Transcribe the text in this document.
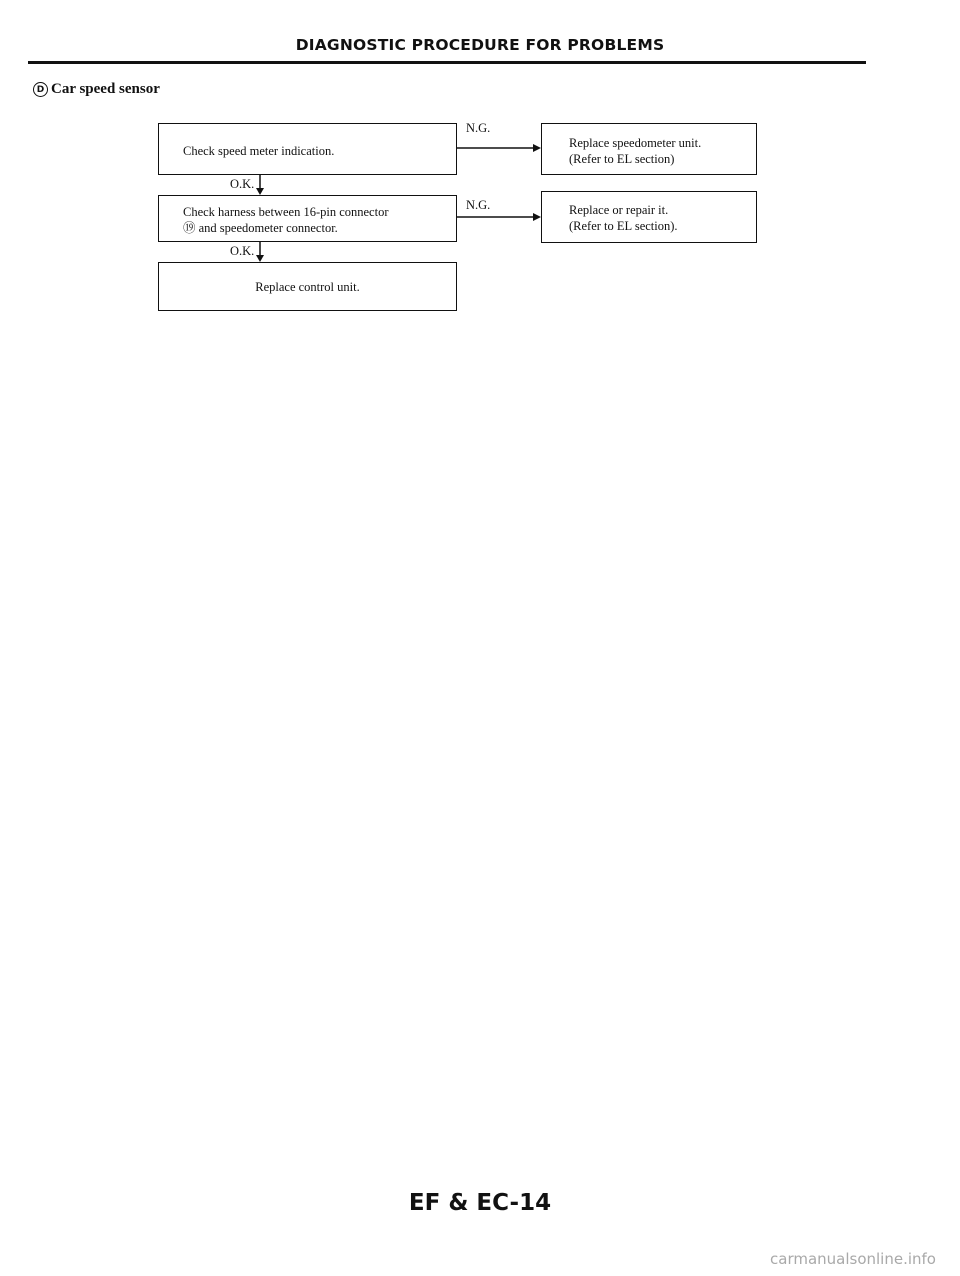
DIAGNOSTIC PROCEDURE FOR PROBLEMS
D Car speed sensor
Check speed meter indication.
O.K.
Check harness between 16-pin connector
⑲ and speedometer connector.
O.K.
Replace control unit.
N.G.
N.G.
Replace speedometer unit.
(Refer to EL section)
Replace or repair it.
(Refer to EL section).
EF & EC-14
carmanualsonline.info
